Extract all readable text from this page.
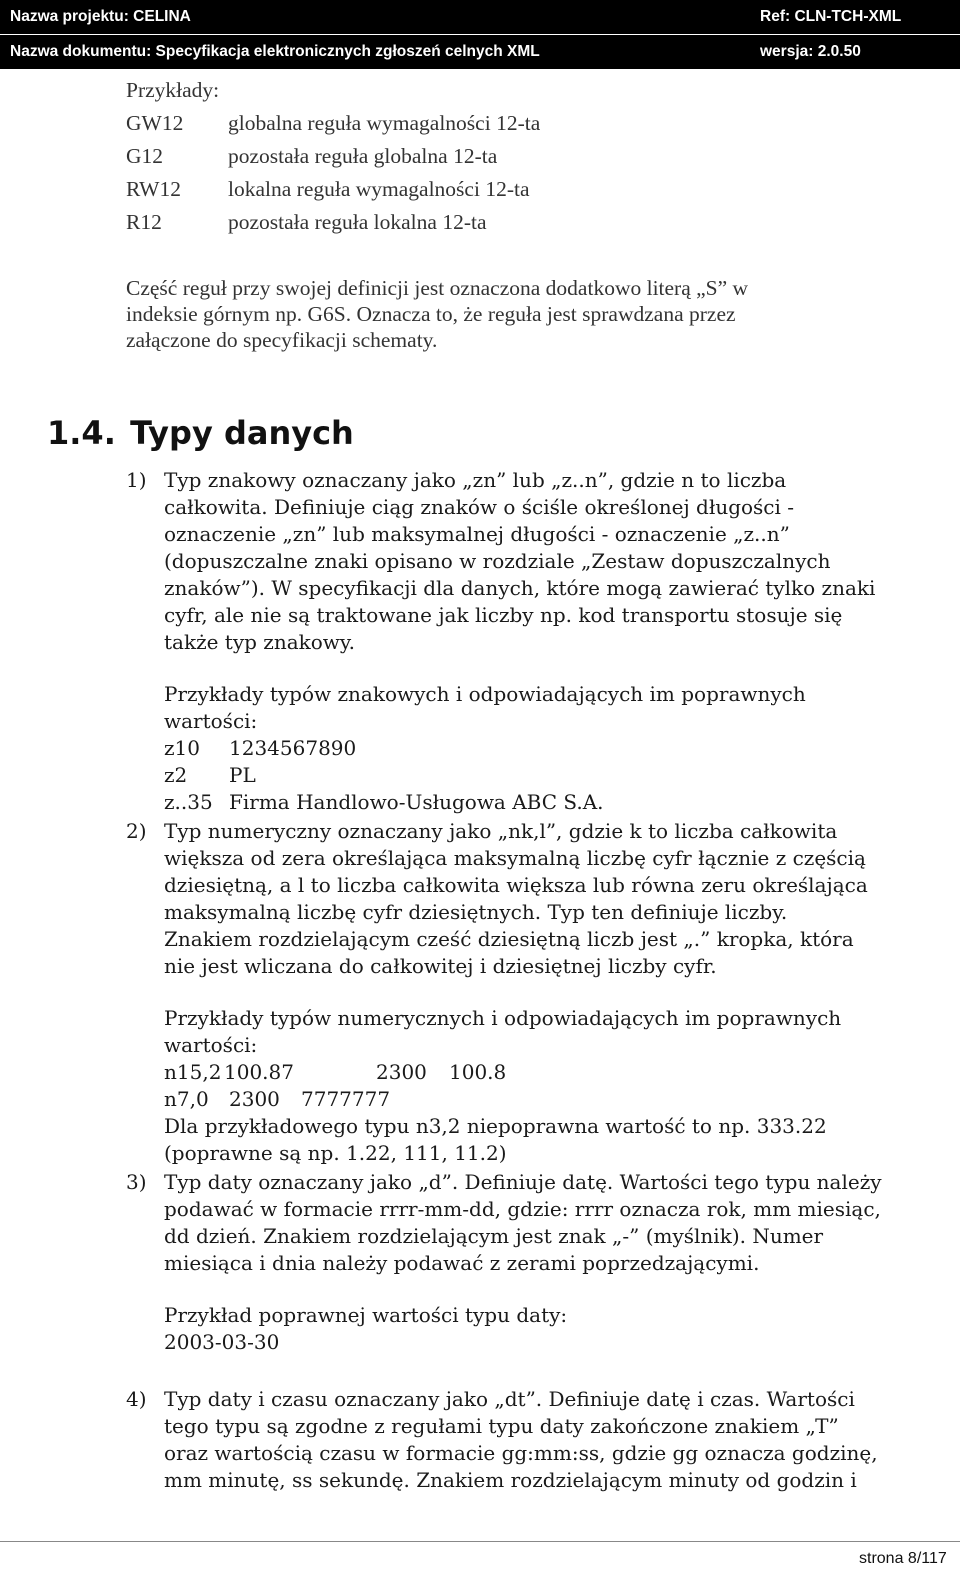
Nazwa projektu: CELINA	Ref: CLN-TCH-XML
Nazwa dokumentu: Specyfikacja elektronicznych zgłoszeń celnych XML	wersja: 2.0.50
Przykłady:
GW12 globalna reguła wymagalności 12-ta
G12	pozostała reguła globalna 12-ta
RW12 lokalna reguła wymagalności 12-ta
R12	pozostała reguła lokalna 12-ta
Część reguł przy swojej definicji jest oznaczona dodatkowo literą „S” w
indeksie górnym np. G6S. Oznacza to, że reguła jest sprawdzana przez
załączone do specyfikacji schematy.
1.4. Typy danych
1) Typ znakowy oznaczany jako „zn” lub „z..n”, gdzie n to liczba
całkowita. Definiuje ciąg znaków o ściśle określonej długości -
oznaczenie „zn” lub maksymalnej długości - oznaczenie „z..n”
(dopuszczalne znaki opisano w rozdziale „Zestaw dopuszczalnych
znaków”). W specyfikacji dla danych, które mogą zawierać tylko znaki
cyfr, ale nie są traktowane jak liczby np. kod transportu stosuje się
także typ znakowy.
Przykłady typów znakowych i odpowiadających im poprawnych
wartości:
z10 1234567890
z2 PL
z..35 Firma Handlowo-Usługowa ABC S.A.
2) Typ numeryczny oznaczany jako „nk,l”, gdzie k to liczba całkowita
większa od zera określająca maksymalną liczbę cyfr łącznie z częścią
dziesiętną, a l to liczba całkowita większa lub równa zeru określająca
maksymalną liczbę cyfr dziesiętnych. Typ ten definiuje liczby.
Znakiem rozdzielającym cześć dziesiętną liczb jest „.” kropka, która
nie jest wliczana do całkowitej i dziesiętnej liczby cyfr.
Przykłady typów numerycznych i odpowiadających im poprawnych
wartości:
n15,2 100.87	2300 100.8
n7,0 2300 7777777
Dla przykładowego typu n3,2 niepoprawna wartość to np. 333.22
(poprawne są np. 1.22, 111, 11.2)
3) Typ daty oznaczany jako „d”. Definiuje datę. Wartości tego typu należy
podawać w formacie rrrr-mm-dd, gdzie: rrrr oznacza rok, mm miesiąc,
dd dzień. Znakiem rozdzielającym jest znak „-” (myślnik). Numer
miesiąca i dnia należy podawać z zerami poprzedzającymi.
Przykład poprawnej wartości typu daty:
2003-03-30
4) Typ daty i czasu oznaczany jako „dt”. Definiuje datę i czas. Wartości
tego typu są zgodne z regułami typu daty zakończone znakiem „T”
oraz wartością czasu w formacie gg:mm:ss, gdzie gg oznacza godzinę,
mm minutę, ss sekundę. Znakiem rozdzielającym minuty od godzin i
strona 8/117
